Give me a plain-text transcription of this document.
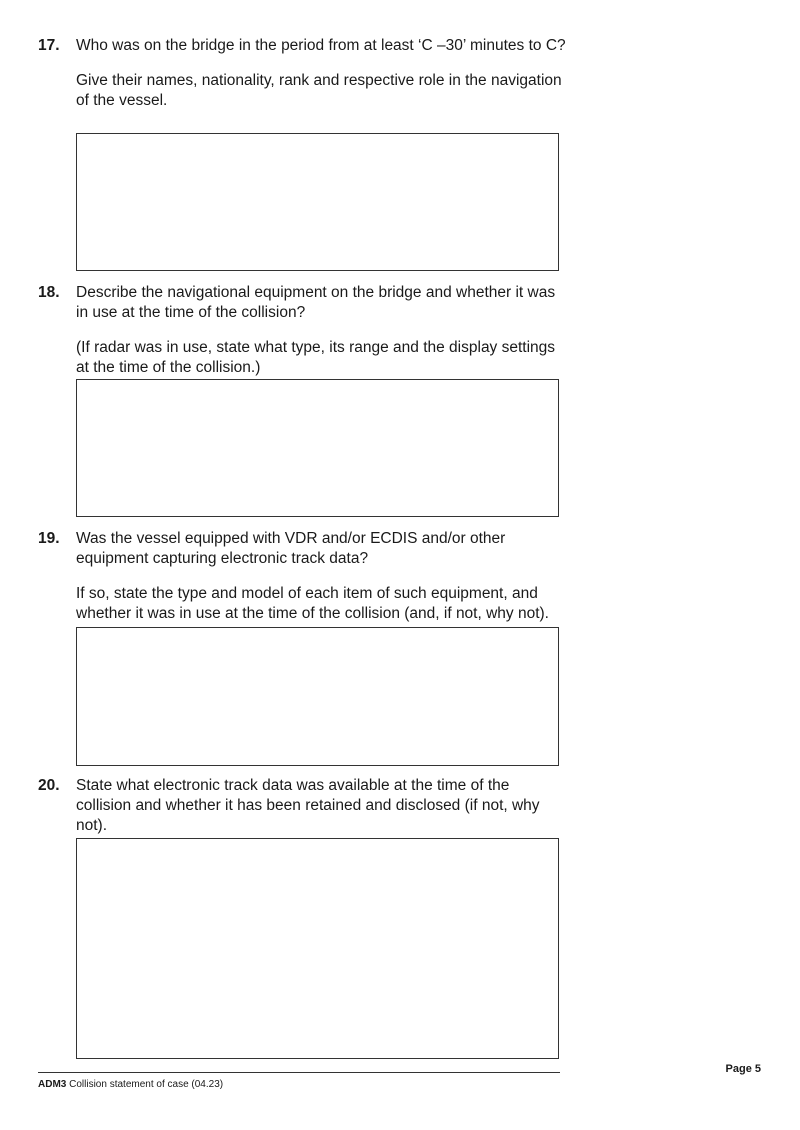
17. Who was on the bridge in the period from at least ‘C –30’ minutes to C?

Give their names, nationality, rank and respective role in the navigation of the vessel.

18. Describe the navigational equipment on the bridge and whether it was in use at the time of the collision?

(If radar was in use, state what type, its range and the display settings at the time of the collision.)

19. Was the vessel equipped with VDR and/or ECDIS and/or other equipment capturing electronic track data?

If so, state the type and model of each item of such equipment, and whether it was in use at the time of the collision (and, if not, why not).

20. State what electronic track data was available at the time of the collision and whether it has been retained and disclosed (if not, why not).

ADM3 Collision statement of case (04.23)
Page 5
